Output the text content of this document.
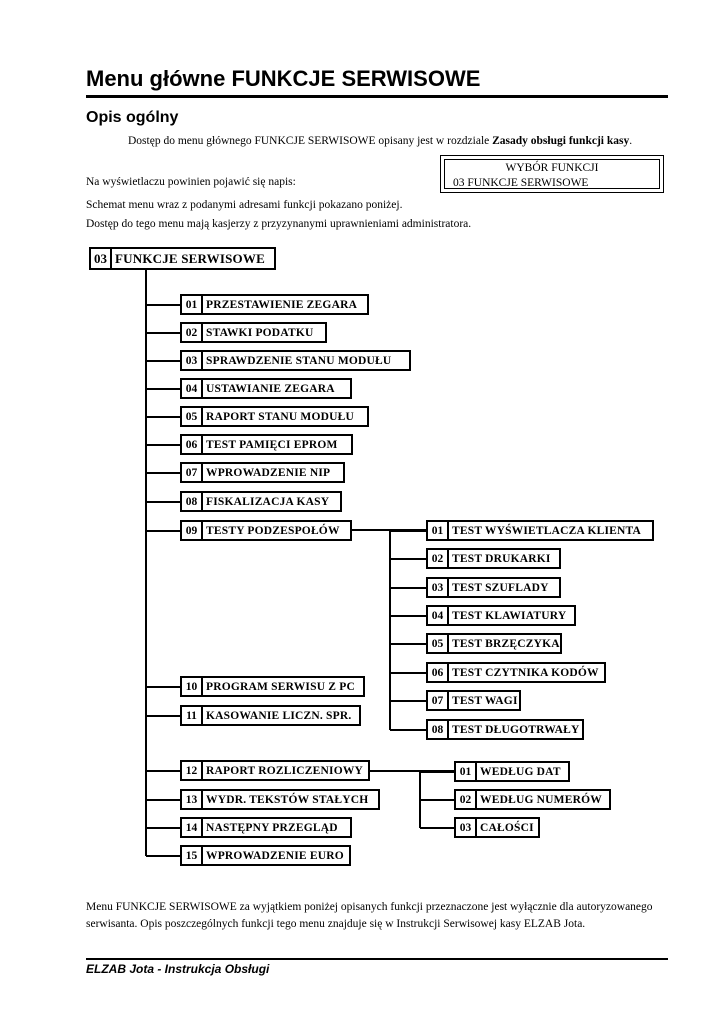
Menu główne FUNKCJE SERWISOWE
Opis ogólny
Dostęp do menu głównego FUNKCJE SERWISOWE opisany jest w rozdziale Zasady obsługi funkcji kasy.
Na wyświetlaczu powinien pojawić się napis:
WYBÓR FUNKCJI
03 FUNKCJE SERWISOWE
Schemat menu wraz z podanymi adresami funkcji pokazano poniżej.
Dostęp do tego menu mają kasjerzy z przyzynanymi uprawnieniami administratora.
03 FUNKCJE SERWISOWE
01 PRZESTAWIENIE ZEGARA
02 STAWKI PODATKU
03 SPRAWDZENIE STANU MODUŁU
04 USTAWIANIE ZEGARA
05 RAPORT STANU MODUŁU
06 TEST PAMIĘCI EPROM
07 WPROWADZENIE NIP
08 FISKALIZACJA KASY
09 TESTY PODZESPOŁÓW
10 PROGRAM SERWISU Z PC
11 KASOWANIE LICZN. SPR.
12 RAPORT ROZLICZENIOWY
13 WYDR. TEKSTÓW STAŁYCH
14 NASTĘPNY PRZEGLĄD
15 WPROWADZENIE EURO
01 TEST WYŚWIETLACZA KLIENTA
02 TEST DRUKARKI
03 TEST SZUFLADY
04 TEST KLAWIATURY
05 TEST BRZĘCZYKA
06 TEST CZYTNIKA KODÓW
07 TEST WAGI
08 TEST DŁUGOTRWAŁY
01 WEDŁUG DAT
02 WEDŁUG NUMERÓW
03 CAŁOŚCI
Menu FUNKCJE SERWISOWE za wyjątkiem poniżej opisanych funkcji przeznaczone jest wyłącznie dla autoryzowanego
serwisanta. Opis poszczególnych funkcji tego menu znajduje się w Instrukcji Serwisowej kasy ELZAB Jota.
ELZAB Jota - Instrukcja Obsługi
